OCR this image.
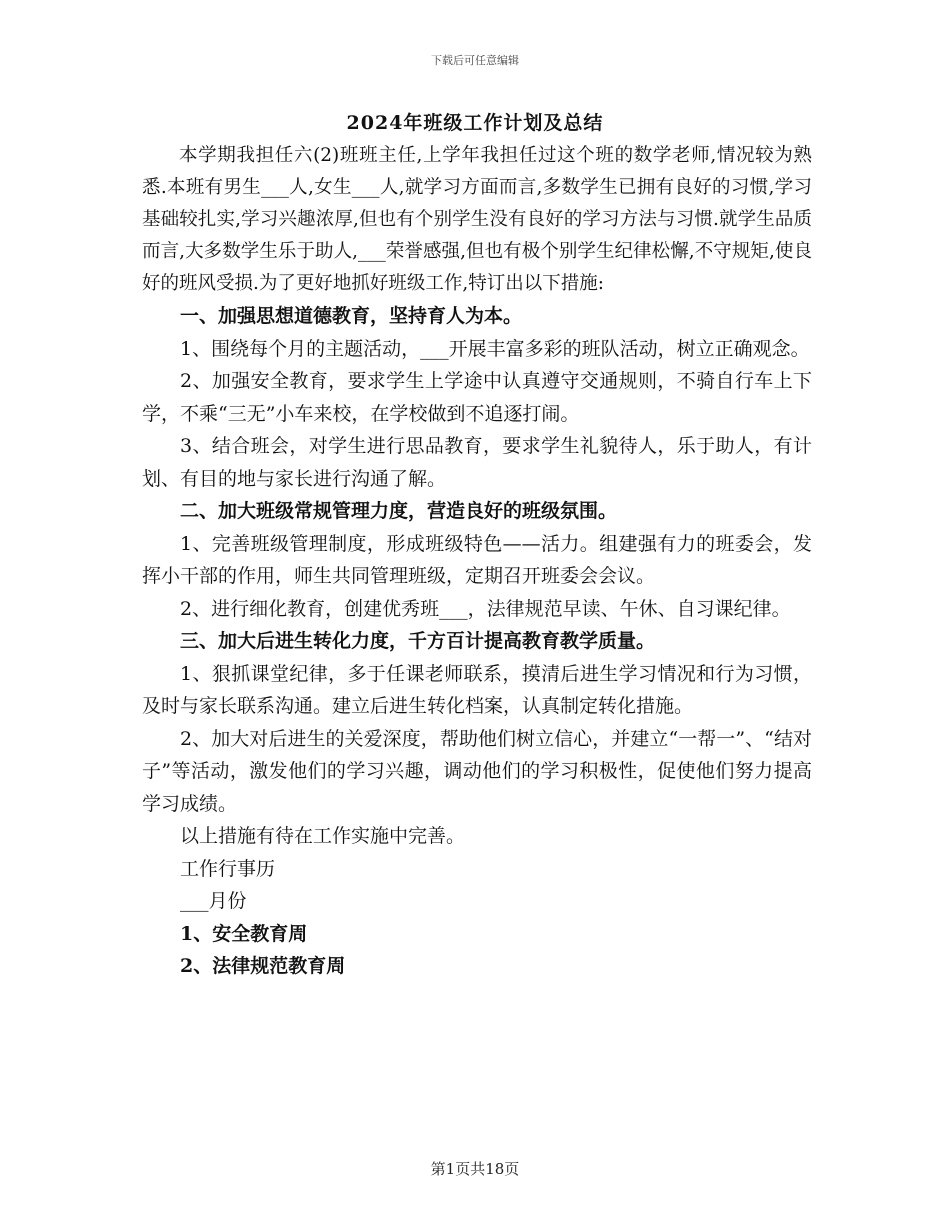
下载后可任意编辑
2024年班级工作计划及总结

本学期我担任六(2)班班主任,上学年我担任过这个班的数学老师,情况较为熟悉.本班有男生___人,女生___人,就学习方面而言,多数学生已拥有良好的习惯,学习基础较扎实,学习兴趣浓厚,但也有个别学生没有良好的学习方法与习惯.就学生品质而言,大多数学生乐于助人,___荣誉感强,但也有极个别学生纪律松懈,不守规矩,使良好的班风受损.为了更好地抓好班级工作,特订出以下措施:

一、加强思想道德教育，坚持育人为本。

1、围绕每个月的主题活动，___开展丰富多彩的班队活动，树立正确观念。

2、加强安全教育，要求学生上学途中认真遵守交通规则，不骑自行车上下学，不乘“三无”小车来校，在学校做到不追逐打闹。

3、结合班会，对学生进行思品教育，要求学生礼貌待人，乐于助人，有计划、有目的地与家长进行沟通了解。

二、加大班级常规管理力度，营造良好的班级氛围。

1、完善班级管理制度，形成班级特色——活力。组建强有力的班委会，发挥小干部的作用，师生共同管理班级，定期召开班委会会议。

2、进行细化教育，创建优秀班___，法律规范早读、午休、自习课纪律。

三、加大后进生转化力度，千方百计提高教育教学质量。

1、狠抓课堂纪律，多于任课老师联系，摸清后进生学习情况和行为习惯，及时与家长联系沟通。建立后进生转化档案，认真制定转化措施。

2、加大对后进生的关爱深度，帮助他们树立信心，并建立“一帮一”、“结对子”等活动，激发他们的学习兴趣，调动他们的学习积极性，促使他们努力提高学习成绩。

以上措施有待在工作实施中完善。

工作行事历

___月份

1、安全教育周

2、法律规范教育周

第1页共18页
